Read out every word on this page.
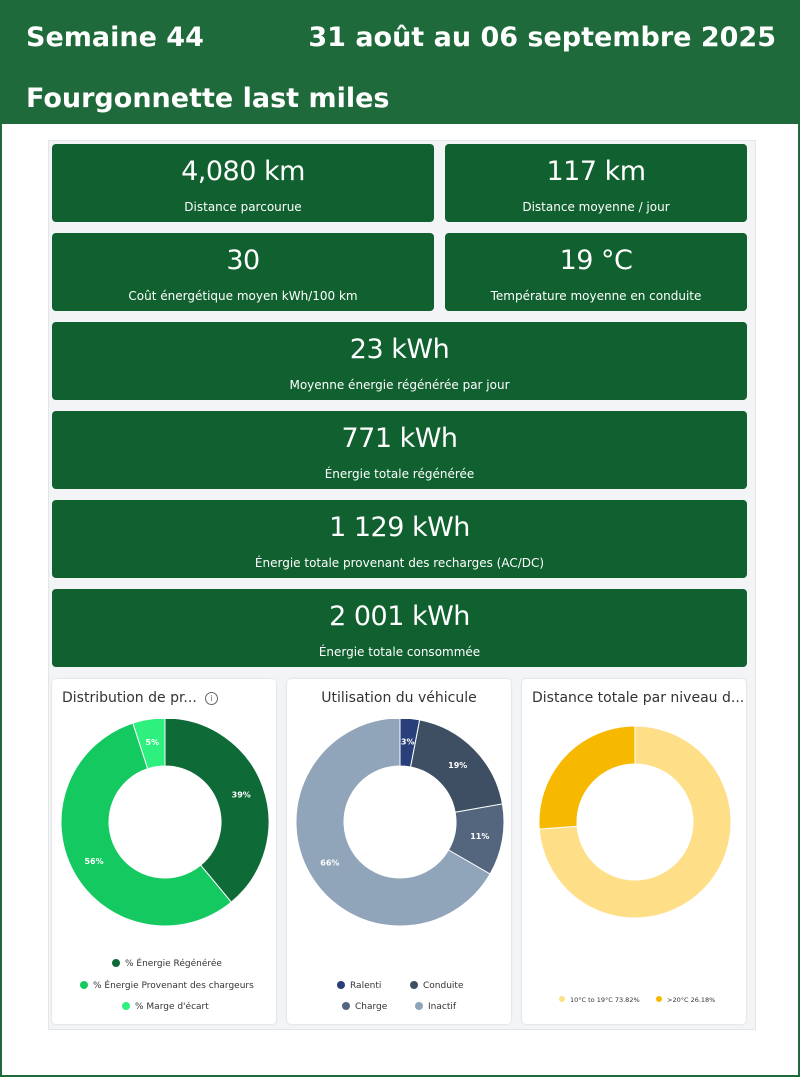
Semaine 44	31 août au 06 septembre 2025
Fourgonnette last miles
4,080 km
Distance parcourue
117 km
Distance moyenne / jour
30
Coût énergétique moyen kWh/100 km
19 °C
Température moyenne en conduite
23 kWh
Moyenne énergie régénérée par jour
771 kWh
Énergie totale régénérée
1 129 kWh
Énergie totale provenant des recharges (AC/DC)
2 001 kWh
Énergie totale consommée
Distribution de pr...	i
39%
56%
5%
% Énergie Régénérée
% Énergie Provenant des chargeurs
% Marge d'écart
Utilisation du véhicule
3%
19%
11%
66%
Ralenti	Conduite
Charge	Inactif
Distance totale par niveau d...
10°C to 19°C 73.82%	>20°C 26.18%
